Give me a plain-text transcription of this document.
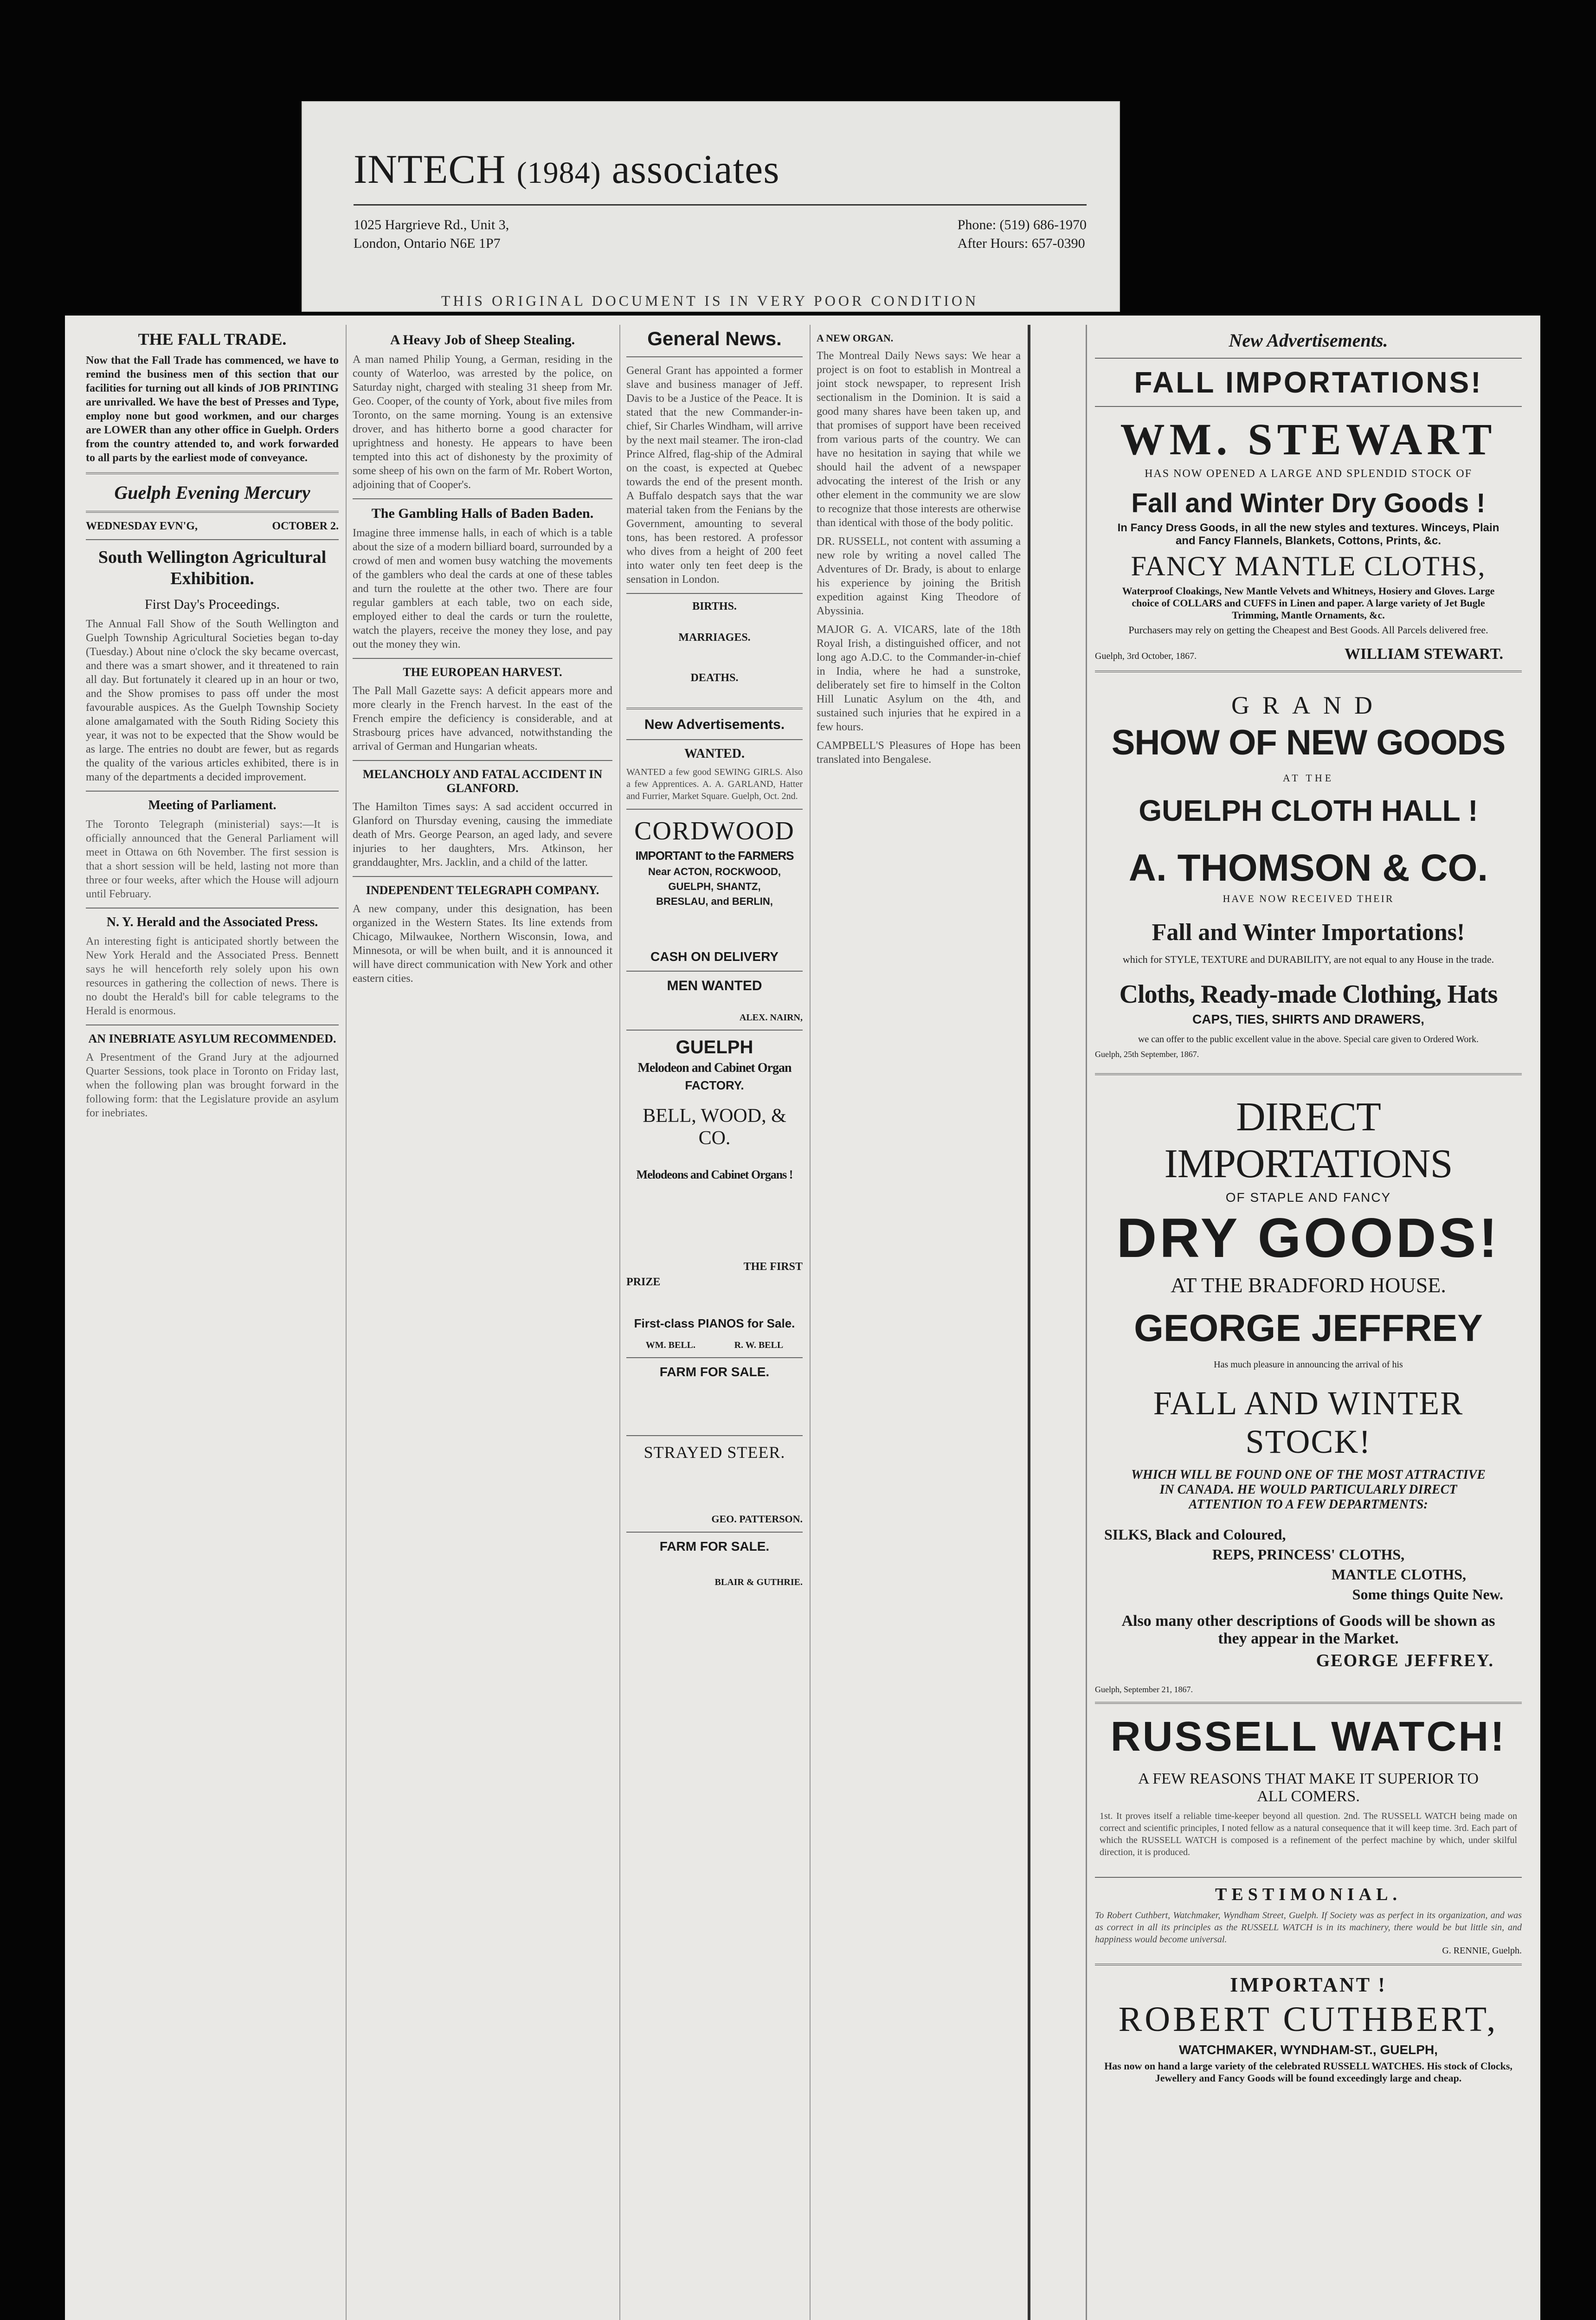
INTECH (1984) associates
1025 Hargrieve Rd., Unit 3,
London, Ontario N6E 1P7
Phone: (519) 686-1970
After Hours: 657-0390
THIS ORIGINAL DOCUMENT IS IN VERY POOR CONDITION
THE FALL TRADE.

Now that the Fall Trade has commenced, we have to remind the business men of this section that our facilities for turning out all kinds of JOB PRINTING are unrivalled. We have the best of Presses and Type, employ none but good workmen, and our charges are LOWER than any other office in Guelph. Orders from the country attended to, and work forwarded to all parts by the earliest mode of conveyance.

Guelph Evening Mercury
WEDNESDAY EVN'G,	OCTOBER 2.
South Wellington Agricultural Exhibition.
First Day's Proceedings.

The Annual Fall Show of the South Wellington and Guelph Township Agricultural Societies began to-day (Tuesday.) About nine o'clock the sky became overcast, and there was a smart shower, and it threatened to rain all day. But fortunately it cleared up in an hour or two, and the Show promises to pass off under the most favourable auspices. As the Guelph Township Society alone amalgamated with the South Riding Society this year, it was not to be expected that the Show would be as large. The entries no doubt are fewer, but as regards the quality of the various articles exhibited, there is in many of the departments a decided improvement.

Meeting of Parliament.

The Toronto Telegraph (ministerial) says:—It is officially announced that the General Parliament will meet in Ottawa on 6th November. The first session is that a short session will be held, lasting not more than three or four weeks, after which the House will adjourn until February.

N. Y. Herald and the Associated Press.

An interesting fight is anticipated shortly between the New York Herald and the Associated Press. Bennett says he will henceforth rely solely upon his own resources in gathering the collection of news. There is no doubt the Herald's bill for cable telegrams to the Herald is enormous.

AN INEBRIATE ASYLUM RECOMMENDED.

A Presentment of the Grand Jury at the adjourned Quarter Sessions, took place in Toronto on Friday last, when the following plan was brought forward in the following form: that the Legislature provide an asylum for inebriates.

A Heavy Job of Sheep Stealing.

A man named Philip Young, a German, residing in the county of Waterloo, was arrested by the police, on Saturday night, charged with stealing 31 sheep from Mr. Geo. Cooper, of the county of York, about five miles from Toronto, on the same morning. Young is an extensive drover, and has hitherto borne a good character for uprightness and honesty. He appears to have been tempted into this act of dishonesty by the proximity of some sheep of his own on the farm of Mr. Robert Worton, adjoining that of Cooper's.

The Gambling Halls of Baden Baden.

Imagine three immense halls, in each of which is a table about the size of a modern billiard board, surrounded by a crowd of men and women busy watching the movements of the gamblers who deal the cards at one of these tables and turn the roulette at the other two. There are four regular gamblers at each table, two on each side, employed either to deal the cards or turn the roulette, watch the players, receive the money they lose, and pay out the money they win.

THE EUROPEAN HARVEST.

The Pall Mall Gazette says: A deficit appears more and more clearly in the French harvest. In the east of the French empire the deficiency is considerable, and at Strasbourg prices have advanced, notwithstanding the arrival of German and Hungarian wheats.

MELANCHOLY AND FATAL ACCIDENT IN GLANFORD.

The Hamilton Times says: A sad accident occurred in Glanford on Thursday evening, causing the immediate death of Mrs. George Pearson, an aged lady, and severe injuries to her daughters, Mrs. Atkinson, her granddaughter, Mrs. Jacklin, and a child of the latter.

INDEPENDENT TELEGRAPH COMPANY.

A new company, under this designation, has been organized in the Western States. Its line extends from Chicago, Milwaukee, Northern Wisconsin, Iowa, and Minnesota, or will be when built, and it is announced it will have direct communication with New York and other eastern cities.

General News.

General Grant has appointed a former slave and business manager of Jeff. Davis to be a Justice of the Peace. It is stated that the new Commander-in-chief, Sir Charles Windham, will arrive by the next mail steamer. The iron-clad Prince Alfred, flag-ship of the Admiral on the coast, is expected at Quebec towards the end of the present month. A Buffalo despatch says that the war material taken from the Fenians by the Government, amounting to several tons, has been restored. A professor who dives from a height of 200 feet into water only ten feet deep is the sensation in London.

BIRTHS.
MARRIAGES.
DEATHS.
New Advertisements.
WANTED.

WANTED a few good SEWING GIRLS. Also a few Apprentices. A. A. GARLAND, Hatter and Furrier, Market Square. Guelph, Oct. 2nd.

CORDWOOD
IMPORTANT to the FARMERS
Near ACTON, ROCKWOOD,
GUELPH, SHANTZ,
BRESLAU, and BERLIN,
CASH ON DELIVERY
MEN WANTED
ALEX. NAIRN,
GUELPH
Melodeon and Cabinet Organ
FACTORY.
BELL, WOOD, & CO.
Melodeons and Cabinet Organs !
THE FIRST
PRIZE
First-class PIANOS for Sale.
WM. BELL.	R. W. BELL
FARM FOR SALE.
STRAYED STEER.
GEO. PATTERSON.
FARM FOR SALE.
BLAIR & GUTHRIE.
A NEW ORGAN.

The Montreal Daily News says: We hear a project is on foot to establish in Montreal a joint stock newspaper, to represent Irish sectionalism in the Dominion. It is said a good many shares have been taken up, and that promises of support have been received from various parts of the country. We can have no hesitation in saying that while we should hail the advent of a newspaper advocating the interest of the Irish or any other element in the community we are slow to recognize that those interests are otherwise than identical with those of the body politic.

DR. RUSSELL, not content with assuming a new role by writing a novel called The Adventures of Dr. Brady, is about to enlarge his experience by joining the British expedition against King Theodore of Abyssinia.

MAJOR G. A. VICARS, late of the 18th Royal Irish, a distinguished officer, and not long ago A.D.C. to the Commander-in-chief in India, where he had a sunstroke, deliberately set fire to himself in the Colton Hill Lunatic Asylum on the 4th, and sustained such injuries that he expired in a few hours.

CAMPBELL'S Pleasures of Hope has been translated into Bengalese.

New Advertisements.
FALL IMPORTATIONS!
WM. STEWART
HAS NOW OPENED A LARGE AND SPLENDID STOCK OF
Fall and Winter Dry Goods !
In Fancy Dress Goods, in all the new styles and textures. Winceys, Plain and Fancy Flannels, Blankets, Cottons, Prints, &c.
FANCY MANTLE CLOTHS,
Waterproof Cloakings, New Mantle Velvets and Whitneys, Hosiery and Gloves. Large choice of COLLARS and CUFFS in Linen and paper. A large variety of Jet Bugle Trimming, Mantle Ornaments, &c.
Purchasers may rely on getting the Cheapest and Best Goods. All Parcels delivered free.
Guelph, 3rd October, 1867.	WILLIAM STEWART.
GRAND
SHOW OF NEW GOODS
AT THE
GUELPH CLOTH HALL !
A. THOMSON & CO.
HAVE NOW RECEIVED THEIR
Fall and Winter Importations!
which for STYLE, TEXTURE and DURABILITY, are not equal to any House in the trade.
Cloths, Ready-made Clothing, Hats
CAPS, TIES, SHIRTS AND DRAWERS,
we can offer to the public excellent value in the above. Special care given to Ordered Work.
Guelph, 25th September, 1867.
DIRECT IMPORTATIONS
OF STAPLE AND FANCY
DRY GOODS!
AT THE BRADFORD HOUSE.
GEORGE JEFFREY
Has much pleasure in announcing the arrival of his
FALL AND WINTER STOCK!
WHICH WILL BE FOUND ONE OF THE MOST ATTRACTIVE IN CANADA. HE WOULD PARTICULARLY DIRECT ATTENTION TO A FEW DEPARTMENTS:
SILKS, Black and Coloured,
REPS, PRINCESS' CLOTHS,
MANTLE CLOTHS,
Some things Quite New.
Also many other descriptions of Goods will be shown as they appear in the Market.
GEORGE JEFFREY.
Guelph, September 21, 1867.
RUSSELL WATCH!
A FEW REASONS THAT MAKE IT SUPERIOR TO ALL COMERS.

1st. It proves itself a reliable time-keeper beyond all question. 2nd. The RUSSELL WATCH being made on correct and scientific principles, I noted fellow as a natural consequence that it will keep time. 3rd. Each part of which the RUSSELL WATCH is composed is a refinement of the perfect machine by which, under skilful direction, it is produced.

TESTIMONIAL.

To Robert Cuthbert, Watchmaker, Wyndham Street, Guelph. If Society was as perfect in its organization, and was as correct in all its principles as the RUSSELL WATCH is in its machinery, there would be but little sin, and happiness would become universal.

G. RENNIE, Guelph.
IMPORTANT !
ROBERT CUTHBERT,
WATCHMAKER, WYNDHAM-ST., GUELPH,
Has now on hand a large variety of the celebrated RUSSELL WATCHES. His stock of Clocks, Jewellery and Fancy Goods will be found exceedingly large and cheap.
